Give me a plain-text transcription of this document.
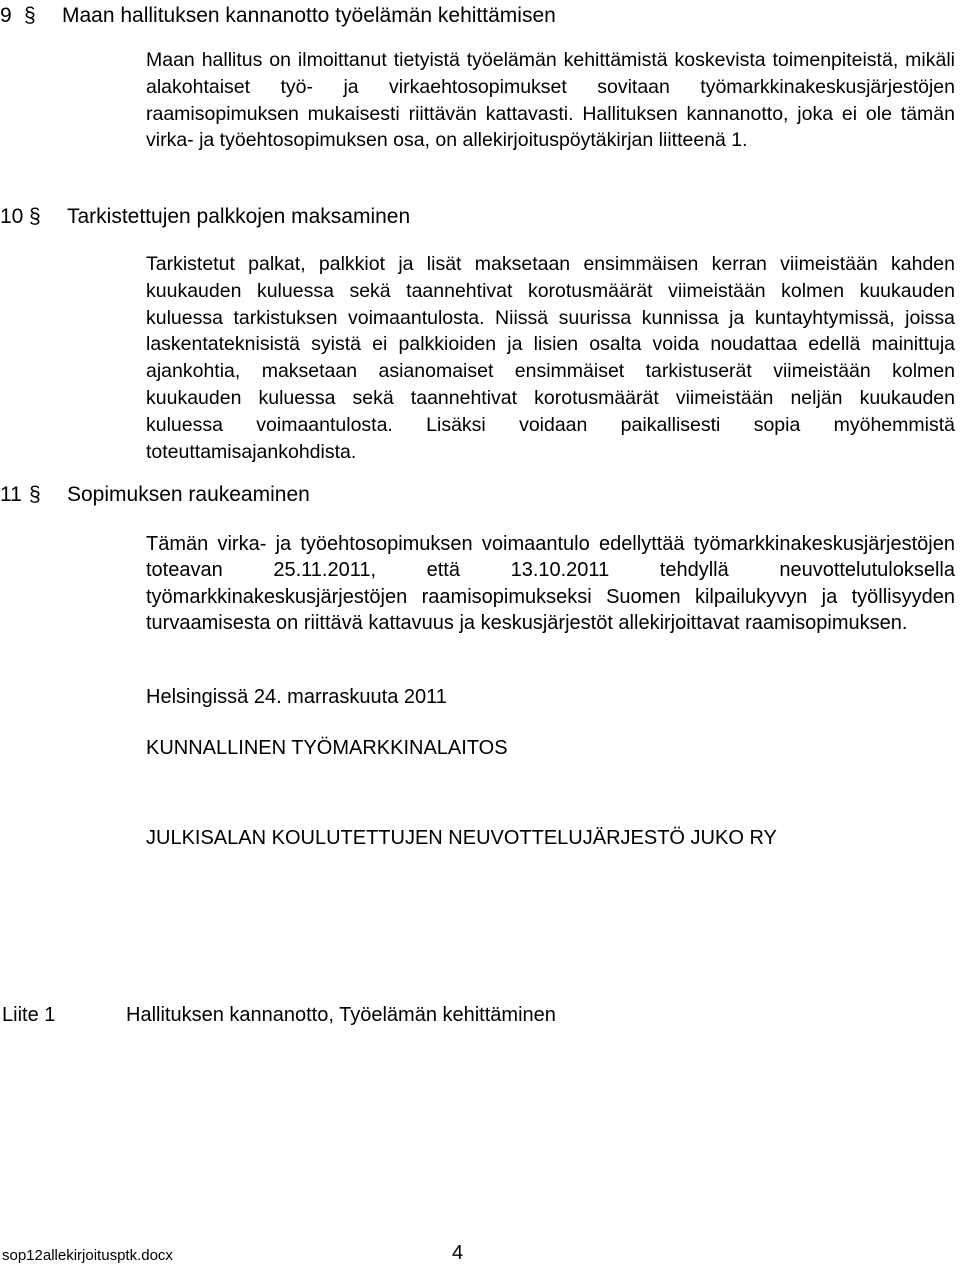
9 § Maan hallituksen kannanotto työelämän kehittämisen
Maan hallitus on ilmoittanut tietyistä työelämän kehittämistä koskevista toimenpiteistä, mikäli alakohtaiset työ- ja virkaehtosopimukset sovitaan työmarkkinakeskusjärjestöjen raamisopimuksen mukaisesti riittävän kattavasti. Hallituksen kannanotto, joka ei ole tämän virka- ja työehtosopimuksen osa, on allekirjoituspöytäkirjan liitteenä 1.
10 § Tarkistettujen palkkojen maksaminen
Tarkistetut palkat, palkkiot ja lisät maksetaan ensimmäisen kerran viimeistään kahden kuukauden kuluessa sekä taannehtivat korotusmäärät viimeistään kolmen kuukauden kuluessa tarkistuksen voimaantulosta. Niissä suurissa kunnissa ja kuntayhtymissä, joissa laskentateknisistä syistä ei palkkioiden ja lisien osalta voida noudattaa edellä mainittuja ajankohtia, maksetaan asianomaiset ensimmäiset tarkistuserät viimeistään kolmen kuukauden kuluessa sekä taannehtivat korotusmäärät viimeistään neljän kuukauden kuluessa voimaantulosta. Lisäksi voidaan paikallisesti sopia myöhemmistä toteuttamisajankohdista.
11 § Sopimuksen raukeaminen
Tämän virka- ja työehtosopimuksen voimaantulo edellyttää työmarkkinakeskusjärjestöjen toteavan 25.11.2011, että 13.10.2011 tehdyllä neuvottelutuloksella työmarkkinakeskusjärjestöjen raamisopimukseksi Suomen kilpailukyvyn ja työllisyyden turvaamisesta on riittävä kattavuus ja keskusjärjestöt allekirjoittavat raamisopimuksen.
Helsingissä 24. marraskuuta 2011
KUNNALLINEN TYÖMARKKINALAITOS
JULKISALAN KOULUTETTUJEN NEUVOTTELUJÄRJESTÖ JUKO RY
Liite 1	Hallituksen kannanotto, Työelämän kehittäminen
sop12allekirjoitusptk.docx	4
